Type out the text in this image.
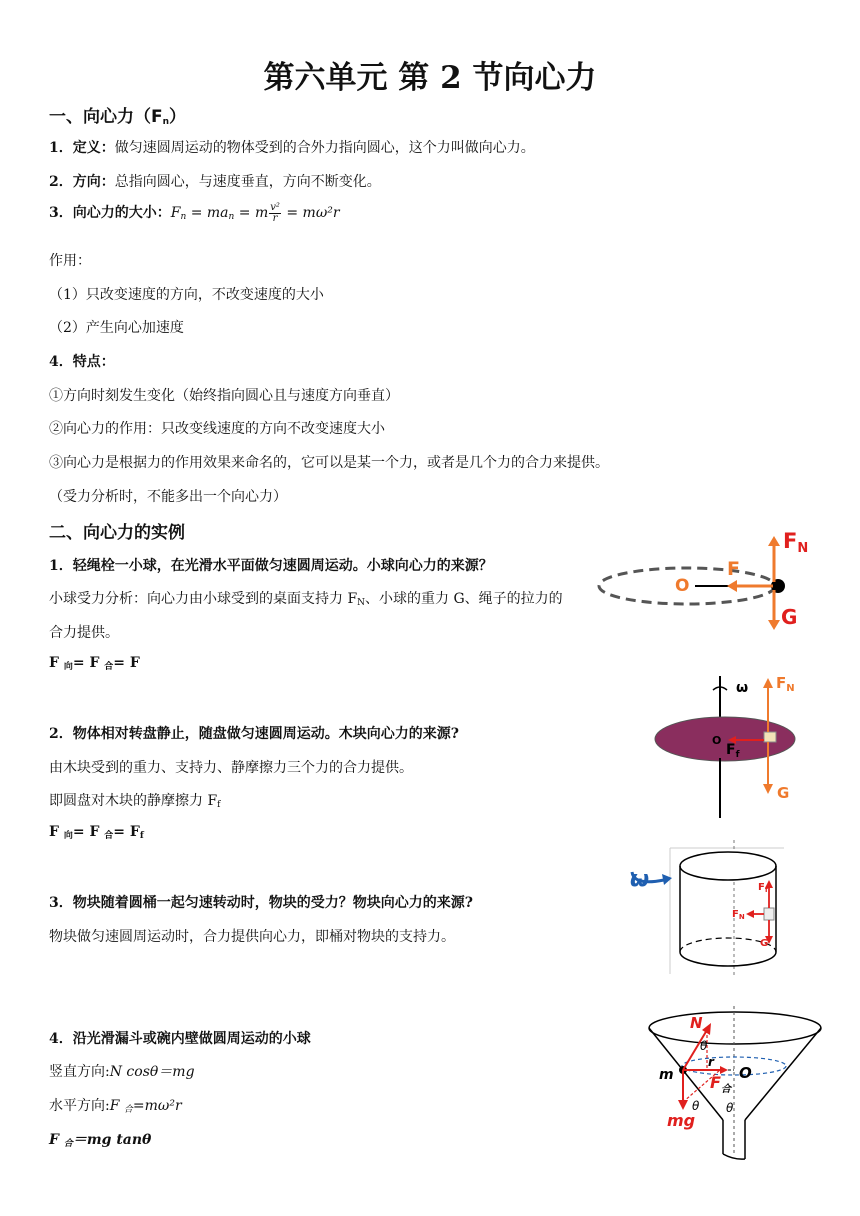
第六单元 第 2 节向心力
一、向心力$(F_n)$
1．定义：做匀速圆周运动的物体受到的合外力指向圆心，这个力叫做向心力。
2．方向：总指向圆心，与速度垂直，方向不断变化。
3．向心力的大小：$F_n = ma_n = m \frac{\text{v²}}{r} = m\omega^2r$
作用：
（1）只改变速度的方向，不改变速度的大小
（2）产生向心加速度
4．特点：
①方向时刻发生变化（始终指向圆心且与速度方向垂直）
②向心力的作用：只改变线速度的方向不改变速度大小
③向心力是根据力的作用效果来命名的，它可以是某一个力，或者是几个力的合力来提供。
（受力分析时，不能多出一个向心力）
二、向心力的实例
1．轻绳栓一小球，在光滑水平面做匀速圆周运动。小球向心力的来源？
小球受力分析：向心力由小球受到的桌面支持力 $F_N$、小球的重力 G、绳子的拉力的
合力提供。
F $_向$= F $_合$= F
O
F
FN
G
2．物体相对转盘静止，随盘做匀速圆周运动。木块向心力的来源?
由木块受到的重力、支持力、静摩擦力三个力的合力提供。
即圆盘对木块的静摩擦力 $F_f$
F $_向$= F $_合= F_f$
ω $F_N$
O
$F_f$
G
3．物块随着圆桶一起匀速转动时，物块的受力？物块向心力的来源?
物块做匀速圆周运动时，合力提供向心力，即桶对物块的支持力。
ω	$F_f$
$F_N$
G
4．沿光滑漏斗或碗内壁做圆周运动的小球
竖直方向:N cosθ＝mg
水平方向:F $_合$=mω²r
F $_合$＝mg tanθ
N
θ
r
O
m $F_合$
mg
θ θ
